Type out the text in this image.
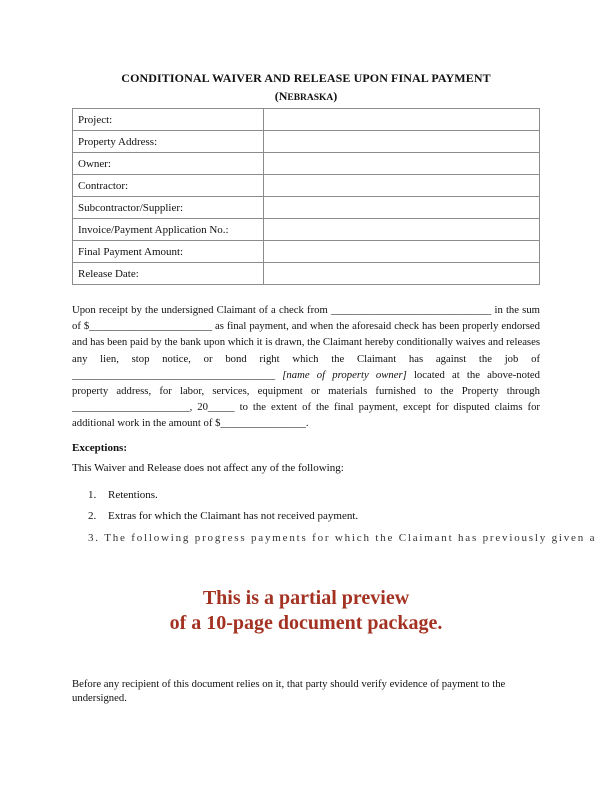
CONDITIONAL WAIVER AND RELEASE UPON FINAL PAYMENT
(NEBRASKA)
Project:	
Property Address:	
Owner:	
Contractor:	
Subcontractor/Supplier:	
Invoice/Payment Application No.:	
Final Payment Amount:	
Release Date:	
Upon receipt by the undersigned Claimant of a check from ______________________________ in the sum of $_______________________ as final payment, and when the aforesaid check has been properly endorsed and has been paid by the bank upon which it is drawn, the Claimant hereby conditionally waives and releases any lien, stop notice, or bond right which the Claimant has against the job of ______________________________________ [name of property owner] located at the above-noted property address, for labor, services, equipment or materials furnished to the Property through ______________________, 20_____ to the extent of the final payment, except for disputed claims for additional work in the amount of $________________.
Exceptions:
This Waiver and Release does not affect any of the following:
1.	Retentions.
2.	Extras for which the Claimant has not received payment.
3. The following progress payments for which the Claimant has previously given a
This is a partial preview
of a 10-page document package.
Before any recipient of this document relies on it, that party should verify evidence of payment to the undersigned.
